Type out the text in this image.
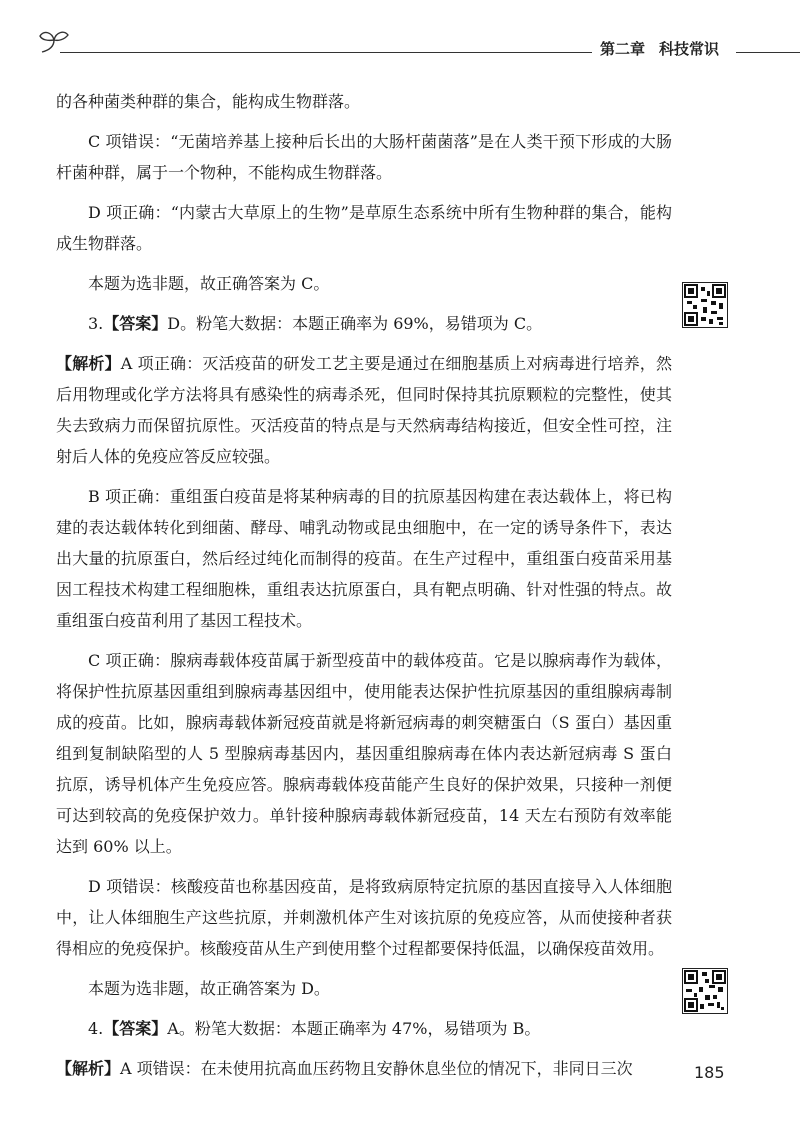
第二章 科技常识

的各种菌类种群的集合，能构成生物群落。

C 项错误：“无菌培养基上接种后长出的大肠杆菌菌落”是在人类干预下形成的大肠杆菌种群，属于一个物种，不能构成生物群落。

D 项正确：“内蒙古大草原上的生物”是草原生态系统中所有生物种群的集合，能构成生物群落。

本题为选非题，故正确答案为 C。

3.【答案】D。粉笔大数据：本题正确率为 69%，易错项为 C。

【解析】A 项正确：灭活疫苗的研发工艺主要是通过在细胞基质上对病毒进行培养，然后用物理或化学方法将具有感染性的病毒杀死，但同时保持其抗原颗粒的完整性，使其失去致病力而保留抗原性。灭活疫苗的特点是与天然病毒结构接近，但安全性可控，注射后人体的免疫应答反应较强。

B 项正确：重组蛋白疫苗是将某种病毒的目的抗原基因构建在表达载体上，将已构建的表达载体转化到细菌、酵母、哺乳动物或昆虫细胞中，在一定的诱导条件下，表达出大量的抗原蛋白，然后经过纯化而制得的疫苗。在生产过程中，重组蛋白疫苗采用基因工程技术构建工程细胞株，重组表达抗原蛋白，具有靶点明确、针对性强的特点。故重组蛋白疫苗利用了基因工程技术。

C 项正确：腺病毒载体疫苗属于新型疫苗中的载体疫苗。它是以腺病毒作为载体，将保护性抗原基因重组到腺病毒基因组中，使用能表达保护性抗原基因的重组腺病毒制成的疫苗。比如，腺病毒载体新冠疫苗就是将新冠病毒的刺突糖蛋白（S 蛋白）基因重组到复制缺陷型的人 5 型腺病毒基因内，基因重组腺病毒在体内表达新冠病毒 S 蛋白抗原，诱导机体产生免疫应答。腺病毒载体疫苗能产生良好的保护效果，只接种一剂便可达到较高的免疫保护效力。单针接种腺病毒载体新冠疫苗，14 天左右预防有效率能达到 60% 以上。

D 项错误：核酸疫苗也称基因疫苗，是将致病原特定抗原的基因直接导入人体细胞中，让人体细胞生产这些抗原，并刺激机体产生对该抗原的免疫应答，从而使接种者获得相应的免疫保护。核酸疫苗从生产到使用整个过程都要保持低温，以确保疫苗效用。

本题为选非题，故正确答案为 D。

4.【答案】A。粉笔大数据：本题正确率为 47%，易错项为 B。

【解析】A 项错误：在未使用抗高血压药物且安静休息坐位的情况下，非同日三次	185
